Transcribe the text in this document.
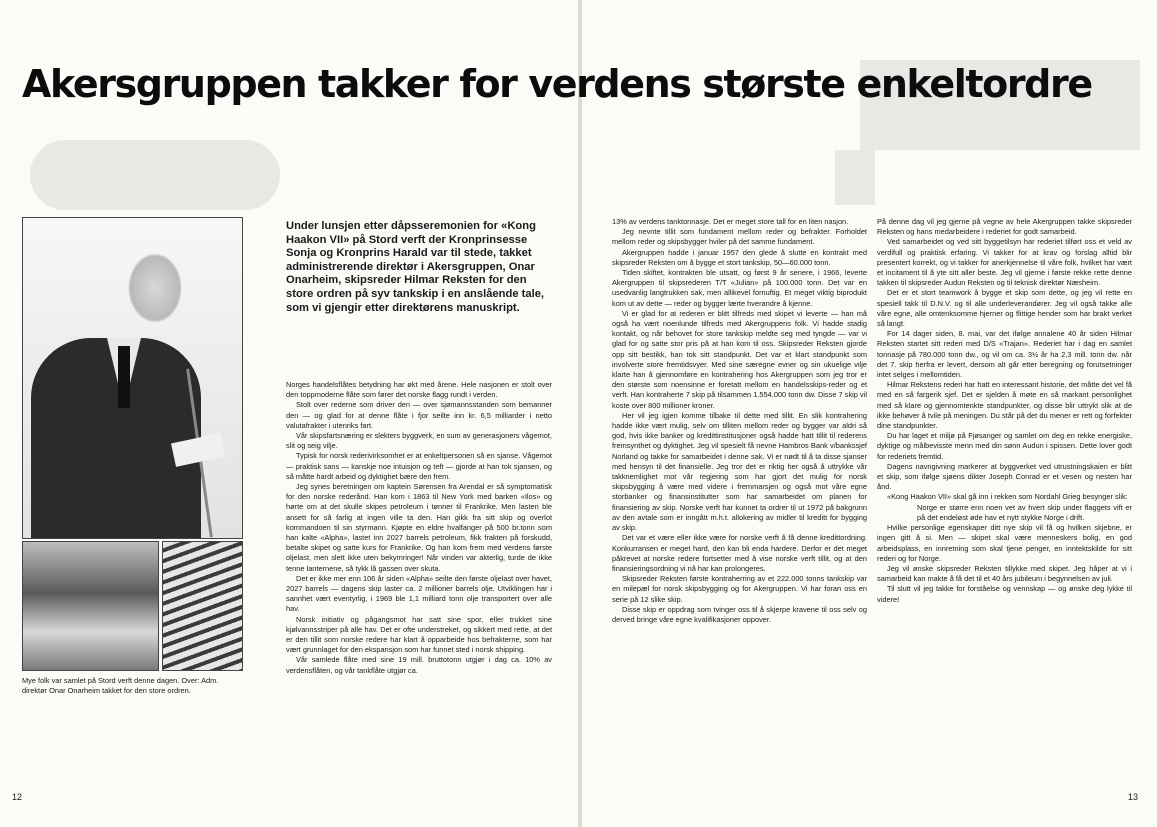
Akersgruppen takker for verdens største enkeltordre

Mye folk var samlet på Stord verft denne dagen. Over: Adm. direktør Onar Onarheim takket for den store ordren.

Under lunsjen etter dåpsseremonien for «Kong Haakon VII» på Stord verft der Kronprinsesse Sonja og Kronprins Harald var til stede, takket administrerende direktør i Akersgruppen, Onar Onarheim, skipsreder Hilmar Reksten for den store ordren på syv tankskip i en anslående tale, som vi gjengir etter direktørens manuskript.

Norges handelsflåtes betydning har økt med årene. Hele nasjonen er stolt over den toppmoderne flåte som fører det norske flagg rundt i verden.
Stolt over rederne som driver den — over sjømannsstanden som bemanner den — og glad for at denne flåte i fjor seilte inn kr. 6,5 milliarder i netto valutafrakter i utenriks fart.
Vår skipsfartsnæring er slekters byggverk, en sum av generasjoners vågemot, slit og seig vilje.
Typisk for norsk rederivirksomhet er at enkeltpersonen så en sjanse. Vågemot — praktisk sans — kanskje noe intuisjon og teft — gjorde at han tok sjansen, og så måtte hardt arbeid og dyktighet bære den frem.
Jeg synes beretningen om kaptein Sørensen fra Arendal er så symptomatisk for den norske rederånd. Han kom i 1863 til New York med barken «Ilos» og hørte om at det skulle skipes petroleum i tønner til Frankrike. Men lasten ble ansett for så farlig at ingen ville ta den. Han gikk fra sitt skip og overlot kommandoen til sin styrmann. Kjøpte en eldre hvalfanger på 500 br.tonn som han kalte «Alpha», lastet inn 2027 barrels petroleum, fikk frakten på forskudd, betalte skipet og satte kurs for Frankrike. Og han kom frem med verdens første oljelast, men slett ikke uten bekymringer! Når vinden var akterlig, turde de ikke tenne lanternene, så tykk lå gassen over skuta.
Det er ikke mer enn 106 år siden «Alpha» seilte den første oljelast over havet, 2027 barrels — dagens skip laster ca. 2 millioner barrels olje. Utviklingen har i sannhet vært eventyrlig, i 1969 ble 1,1 milliard tonn olje transportert over alle hav.
Norsk initiativ og pågangsmot har satt sine spor, eller trukket sine kjølvannsstriper på alle hav. Det er ofte understreket, og sikkert med rette, at det er den tillit som norske redere har klart å opparbeide hos befrakterne, som har vært grunnlaget for den ekspansjon som har funnet sted i norsk shipping.
Vår samlede flåte med sine 19 mill. bruttotonn utgjør i dag ca. 10% av verdensflåten, og vår tankflåte utgjør ca.
13% av verdens tanktonnasje. Det er meget store tall for en liten nasjon.
Jeg nevnte tillit som fundament mellom reder og befrakter. Forholdet mellom reder og skipsbygger hviler på det samme fundament.
Akergruppen hadde i januar 1957 den glede å slutte en kontrakt med skipsreder Reksten om å bygge et stort tankskip, 50—60.000 tonn.
Tiden skiftet, kontrakten ble utsatt, og først 9 år senere, i 1966, leverte Akergruppen til skipsrederen T/T «Julian» på 100.000 tonn. Det var en usedvanlig langtrukken sak, men allikevel fornuftig. Et meget viktig biprodukt kom ut av dette — reder og bygger lærte hverandre å kjenne.
Vi er glad for at rederen er blitt tilfreds med skipet vi leverte — han må også ha vært noenlunde tilfreds med Akergruppens folk. Vi hadde stadig kontakt, og når behovet for store tankskip meldte seg med tyngde — var vi glad for og satte stor pris på at han kom til oss. Skipsreder Reksten gjorde opp sitt bestikk, han tok sitt standpunkt. Det var et klart standpunkt som involverte store fremtidsvyer. Med sine særegne evner og sin ukuelige vilje klarte han å gjennomføre en kontrahering hos Akergruppen som jeg tror er den største som noensinne er foretatt mellom en handelsskips-reder og et verft. Han kontraherte 7 skip på tilsammen 1.554.000 tonn dw. Disse 7 skip vil koste over 800 millioner kroner.
Her vil jeg igjen komme tilbake til dette med tillit. En slik kontrahering hadde ikke vært mulig, selv om tilliten mellom reder og bygger var aldri så god, hvis ikke banker og kredittinstitusjoner også hadde hatt tillit til rederens fremsynthet og dyktighet. Jeg vil spesielt få nevne Hambros Bank v/bankssjef Norland og takke for samarbeidet i denne sak. Vi er nødt til å ta disse sjanser med hensyn til det finansielle. Jeg tror det er riktig her også å uttrykke vår takknemlighet mot vår regjering som har gjort det mulig for norsk skipsbygging å være med videre i fremmarsjen og også mot våre egne storbanker og finansinstitutter som har samarbeidet om planen for finansiering av skip. Norske verft har kunnet ta ordrer til ut 1972 på bakgrunn av den avtale som er inngått m.h.t. allokering av midler til kreditt for bygging av skip.
Det var et være eller ikke være for norske verft å få denne kredittordning. Konkurransen er meget hard, den kan bli enda hardere. Derfor er det meget påkrevet at norske redere fortsetter med å vise norske verft tillit, og at den finansieringsordning vi nå har kan prolongeres.
Skipsreder Reksten første kontraherring av et 222.000 tonns tankskip var en milepæl for norsk skipsbygging og for Akergruppen. Vi har foran oss en serie på 12 slike skip.
Disse skip er oppdrag som tvinger oss til å skjerpe kravene til oss selv og derved bringe våre egne kvalifikasjoner oppover.
På denne dag vil jeg gjerne på vegne av hele Akergruppen takke skipsreder Reksten og hans medarbeidere i rederiet for godt samarbeid.
Ved samarbeidet og ved sitt byggetilsyn har rederiet tilført oss et veld av verdifull og praktisk erfaring. Vi takker for at krav og forslag alltid blir presentert korrekt, og vi takker for anerkjennelse til våre folk, hvilket har vært et incitament til å yte sitt aller beste. Jeg vil gjerne i første rekke rette denne takken til skipsreder Audun Reksten og til teknisk direktør Næsheim.
Det er et stort teamwork å bygge et skip som dette, og jeg vil rette en spesiell takk til D.N.V. og til alle underleverandører. Jeg vil også takke alle våre egne, alle omtenksomme hjerner og flittige hender som har brakt verket så langt.
For 14 dager siden, 8. mai, var det ifølge annalene 40 år siden Hilmar Reksten startet sitt rederi med D/S «Trajan». Rederiet har i dag en samlet tonnasje på 780.000 tonn dw., og vil om ca. 3½ år ha 2,3 mill. tonn dw. når det 7. skip herfra er levert, dersom alt går etter beregning og forutsetninger intet selges i mellomtiden.
Hilmar Rekstens rederi har hatt en interessant historie, det måtte det vel få med en så fargerik sjef. Det er sjelden å møte en så markant personlighet med så klare og gjennomtenkte standpunkter, og disse blir uttrykt slik at de ikke behøver å tvile på meningen. Du står på det du mener er rett og forfekter dine standpunkter.
Du har laget et miljø på Fjøsanger og samlet om deg en rekke energiske, dyktige og målbevisste menn med din sønn Audun i spissen. Dette lover godt for rederiets fremtid.
Dagens navngivning markerer at byggverket ved utrustningskaien er blitt et skip, som ifølge sjøens dikter Joseph Conrad er et vesen og nesten har ånd.
«Kong Haakon VII» skal gå inn i rekken som Nordahl Grieg besynger slik:
Norge er større enn noen vet av hvert skip under flaggets vift er på det endeløst øde hav et nytt stykke Norge i drift.
Hvilke personlige egenskaper ditt nye skip vil få og hvilken skjebne, er ingen gitt å si. Men — skipet skal være menneskers bolig, en god arbeidsplass, en innretning som skal tjene penger, en inntektskilde for sitt rederi og for Norge.
Jeg vil ønske skipsreder Reksten tillykke med skipet. Jeg håper at vi i samarbeid kan makte å få det til et 40 års jubileum i begynnelsen av juli.
Til slutt vil jeg takke for forståelse og vennskap — og ønske deg lykke til videre!
12	13
